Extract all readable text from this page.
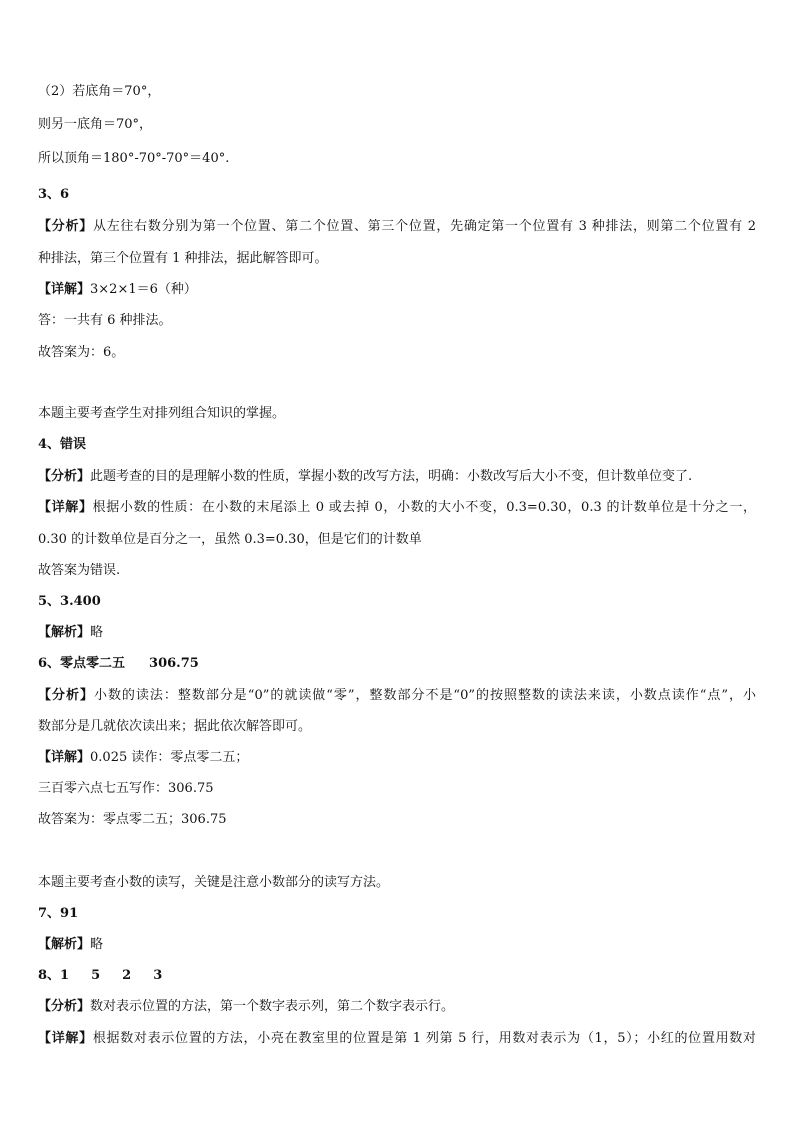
（2）若底角＝70°，
则另一底角＝70°，
所以顶角＝180°-70°-70°＝40°.
3、6
【分析】从左往右数分别为第一个位置、第二个位置、第三个位置，先确定第一个位置有 3 种排法，则第二个位置有 2
种排法，第三个位置有 1 种排法，据此解答即可。
【详解】3×2×1＝6（种）
答：一共有 6 种排法。
故答案为：6。
本题主要考查学生对排列组合知识的掌握。
4、错误
【分析】此题考查的目的是理解小数的性质，掌握小数的改写方法，明确：小数改写后大小不变，但计数单位变了.
【详解】根据小数的性质：在小数的末尾添上 0 或去掉 0，小数的大小不变，0.3=0.30，0.3 的计数单位是十分之一，
0.30 的计数单位是百分之一，虽然 0.3=0.30，但是它们的计数单
故答案为错误.
5、3.400
【解析】略
6、零点零二五 306.75
【分析】小数的读法：整数部分是“0”的就读做“零”，整数部分不是“0”的按照整数的读法来读，小数点读作“点”，小
数部分是几就依次读出来；据此依次解答即可。
【详解】0.025 读作：零点零二五；
三百零六点七五写作：306.75
故答案为：零点零二五；306.75
本题主要考查小数的读写，关键是注意小数部分的读写方法。
7、91
【解析】略
8、1 5 2 3
【分析】数对表示位置的方法，第一个数字表示列，第二个数字表示行。
【详解】根据数对表示位置的方法，小亮在教室里的位置是第 1 列第 5 行，用数对表示为（1，5）；小红的位置用数对
